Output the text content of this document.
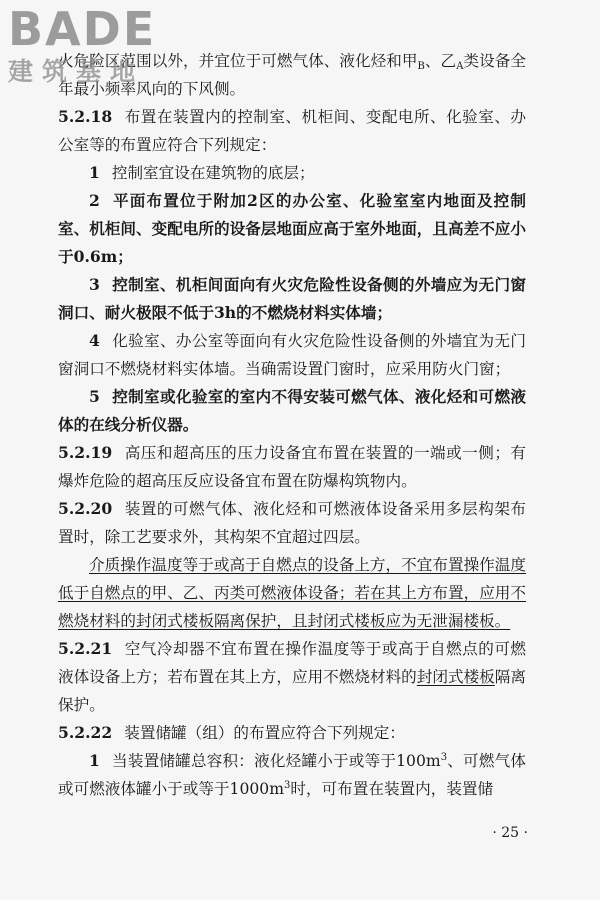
BADE
建筑基地

火危险区范围以外，并宜位于可燃气体、液化烃和甲$_B$、乙$_A$类设备全年最小频率风向的下风侧。

5.2.18 布置在装置内的控制室、机柜间、变配电所、化验室、办公室等的布置应符合下列规定：

1 控制室宜设在建筑物的底层；

2 平面布置位于附加2区的办公室、化验室室内地面及控制室、机柜间、变配电所的设备层地面应高于室外地面，且高差不应小于0.6m；

3 控制室、机柜间面向有火灾危险性设备侧的外墙应为无门窗洞口、耐火极限不低于3h的不燃烧材料实体墙；

4 化验室、办公室等面向有火灾危险性设备侧的外墙宜为无门窗洞口不燃烧材料实体墙。当确需设置门窗时，应采用防火门窗；

5 控制室或化验室的室内不得安装可燃气体、液化烃和可燃液体的在线分析仪器。

5.2.19 高压和超高压的压力设备宜布置在装置的一端或一侧；有爆炸危险的超高压反应设备宜布置在防爆构筑物内。

5.2.20 装置的可燃气体、液化烃和可燃液体设备采用多层构架布置时，除工艺要求外，其构架不宜超过四层。

介质操作温度等于或高于自燃点的设备上方，不宜布置操作温度低于自燃点的甲、乙、丙类可燃液体设备；若在其上方布置，应用不燃烧材料的封闭式楼板隔离保护，且封闭式楼板应为无泄漏楼板。

5.2.21 空气冷却器不宜布置在操作温度等于或高于自燃点的可燃液体设备上方；若布置在其上方，应用不燃烧材料的封闭式楼板隔离保护。

5.2.22 装置储罐（组）的布置应符合下列规定：

1 当装置储罐总容积：液化烃罐小于或等于$100m^3$、可燃气体或可燃液体罐小于或等于$1000m^3$时，可布置在装置内，装置储

· 25 ·
